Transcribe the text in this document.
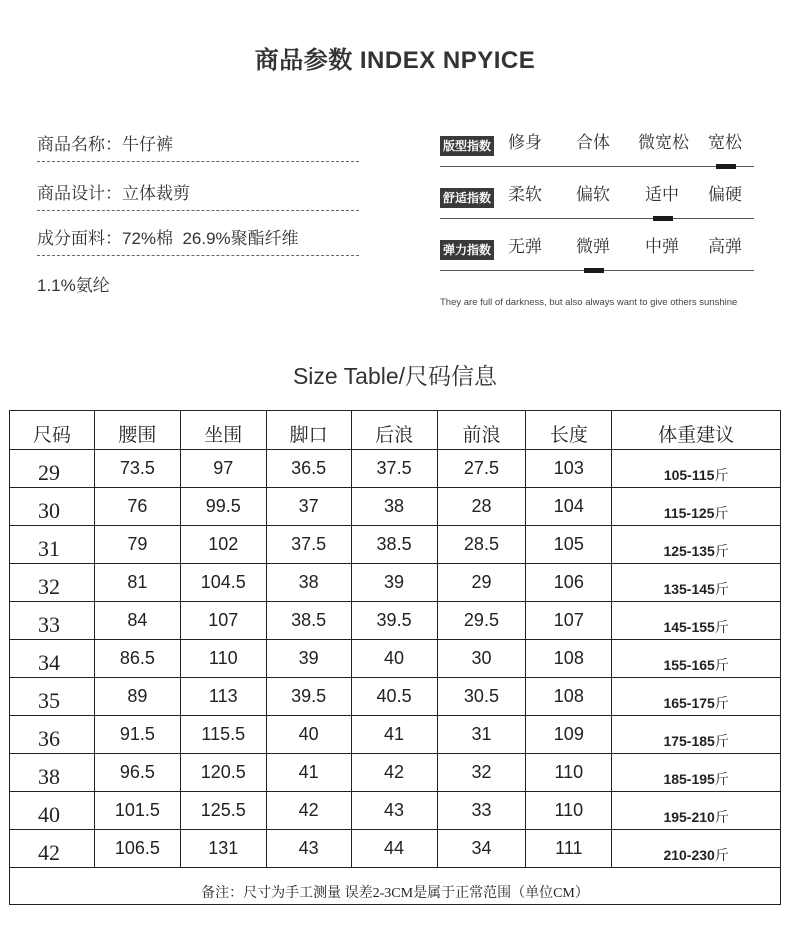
商品参数 INDEX NPYICE
商品名称：牛仔裤
商品设计：立体裁剪
成分面料：72%棉  26.9%聚酯纤维
1.1%氨纶
版型指数 修身 合体 微宽松 宽松
舒适指数 柔软 偏软 适中 偏硬
弹力指数 无弹 微弹 中弹 高弹
They are full of darkness, but also always want to give others sunshine
Size Table/尺码信息
尺码	腰围	坐围	脚口	后浪	前浪	长度	体重建议
29	73.5	97	36.5	37.5	27.5	103	105-115斤
30	76	99.5	37	38	28	104	115-125斤
31	79	102	37.5	38.5	28.5	105	125-135斤
32	81	104.5	38	39	29	106	135-145斤
33	84	107	38.5	39.5	29.5	107	145-155斤
34	86.5	110	39	40	30	108	155-165斤
35	89	113	39.5	40.5	30.5	108	165-175斤
36	91.5	115.5	40	41	31	109	175-185斤
38	96.5	120.5	41	42	32	110	185-195斤
40	101.5	125.5	42	43	33	110	195-210斤
42	106.5	131	43	44	34	111	210-230斤
备注：尺寸为手工测量 误差2-3CM是属于正常范围（单位CM）							
